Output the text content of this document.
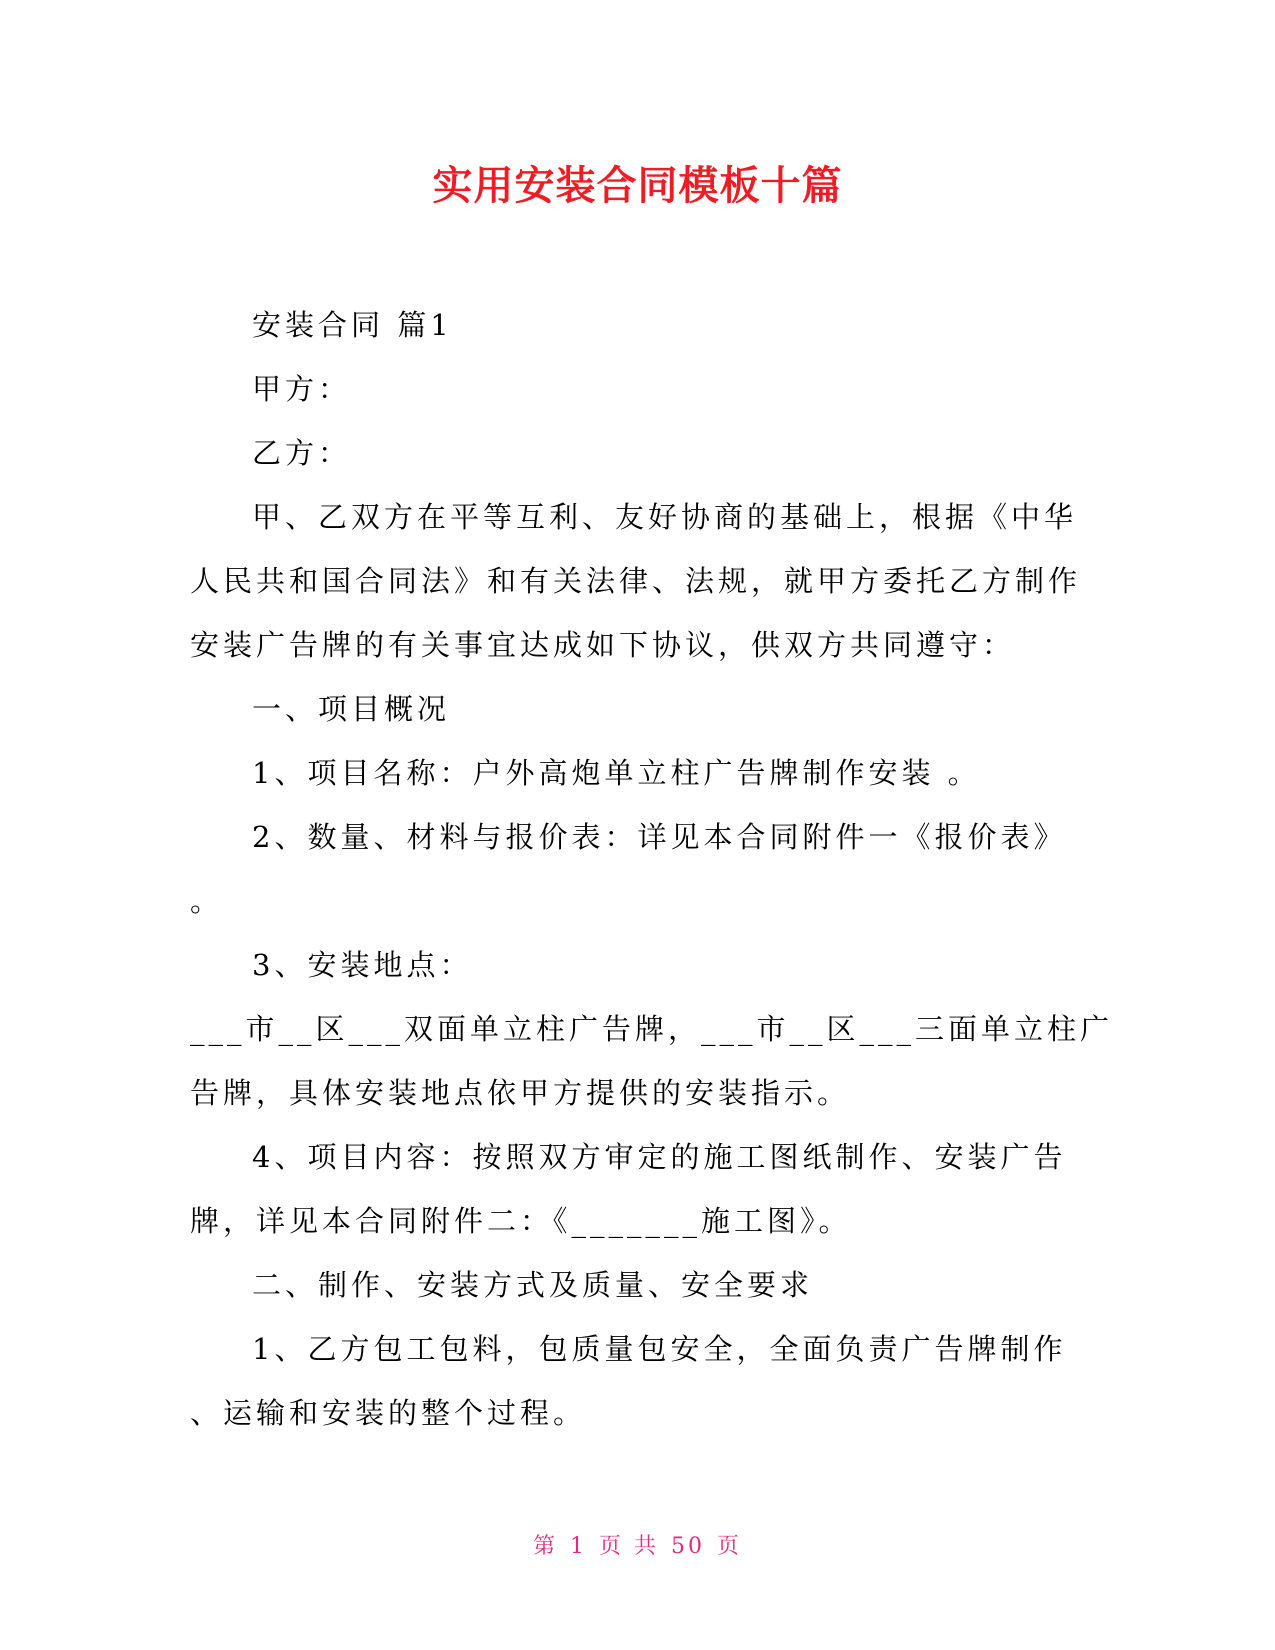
实用安装合同模板十篇
安装合同 篇1
甲方：
乙方：
甲、乙双方在平等互利、友好协商的基础上，根据《中华
人民共和国合同法》和有关法律、法规，就甲方委托乙方制作
安装广告牌的有关事宜达成如下协议，供双方共同遵守：
一、项目概况
1、项目名称：户外高炮单立柱广告牌制作安装 。
2、数量、材料与报价表：详见本合同附件一《报价表》
。
3、安装地点：
___市__区___双面单立柱广告牌，___市__区___三面单立柱广
告牌，具体安装地点依甲方提供的安装指示。
4、项目内容：按照双方审定的施工图纸制作、安装广告
牌，详见本合同附件二：《_______施工图》。
二、制作、安装方式及质量、安全要求
1、乙方包工包料，包质量包安全，全面负责广告牌制作
、运输和安装的整个过程。
第 1 页 共 50 页
